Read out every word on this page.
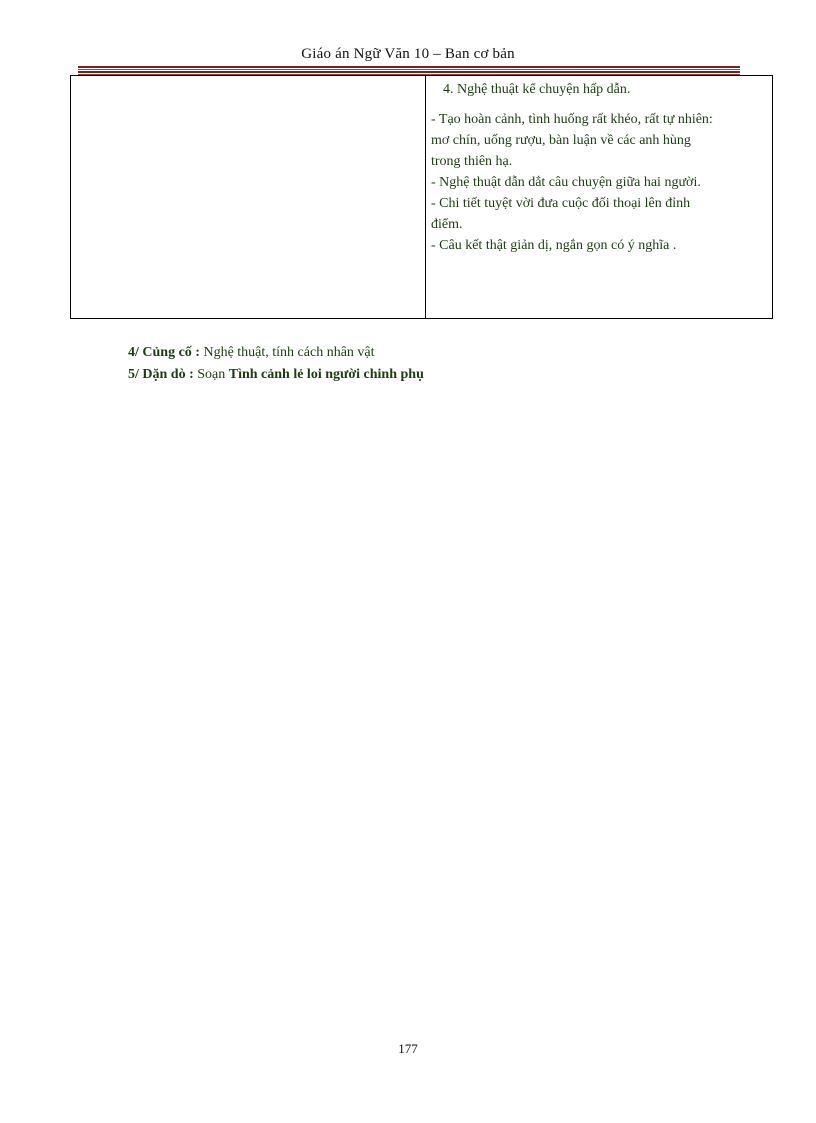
Giáo án Ngữ Văn 10 – Ban cơ bản
4. Nghệ thuật kể chuyện hấp dẫn.
- Tạo hoàn cảnh, tình huống rất khéo, rất tự nhiên:
mơ chín, uống rượu, bàn luận về các anh hùng
trong thiên hạ.
- Nghệ thuật dẫn dắt câu chuyện giữa hai người.
- Chi tiết tuyệt vời đưa cuộc đối thoại lên đỉnh
điểm.
- Câu kết thật giản dị, ngắn gọn có ý nghĩa .
4/ Củng cố : Nghệ thuật, tính cách nhân vật
5/ Dặn dò : Soạn Tình cảnh lẻ loi người chinh phụ
177
